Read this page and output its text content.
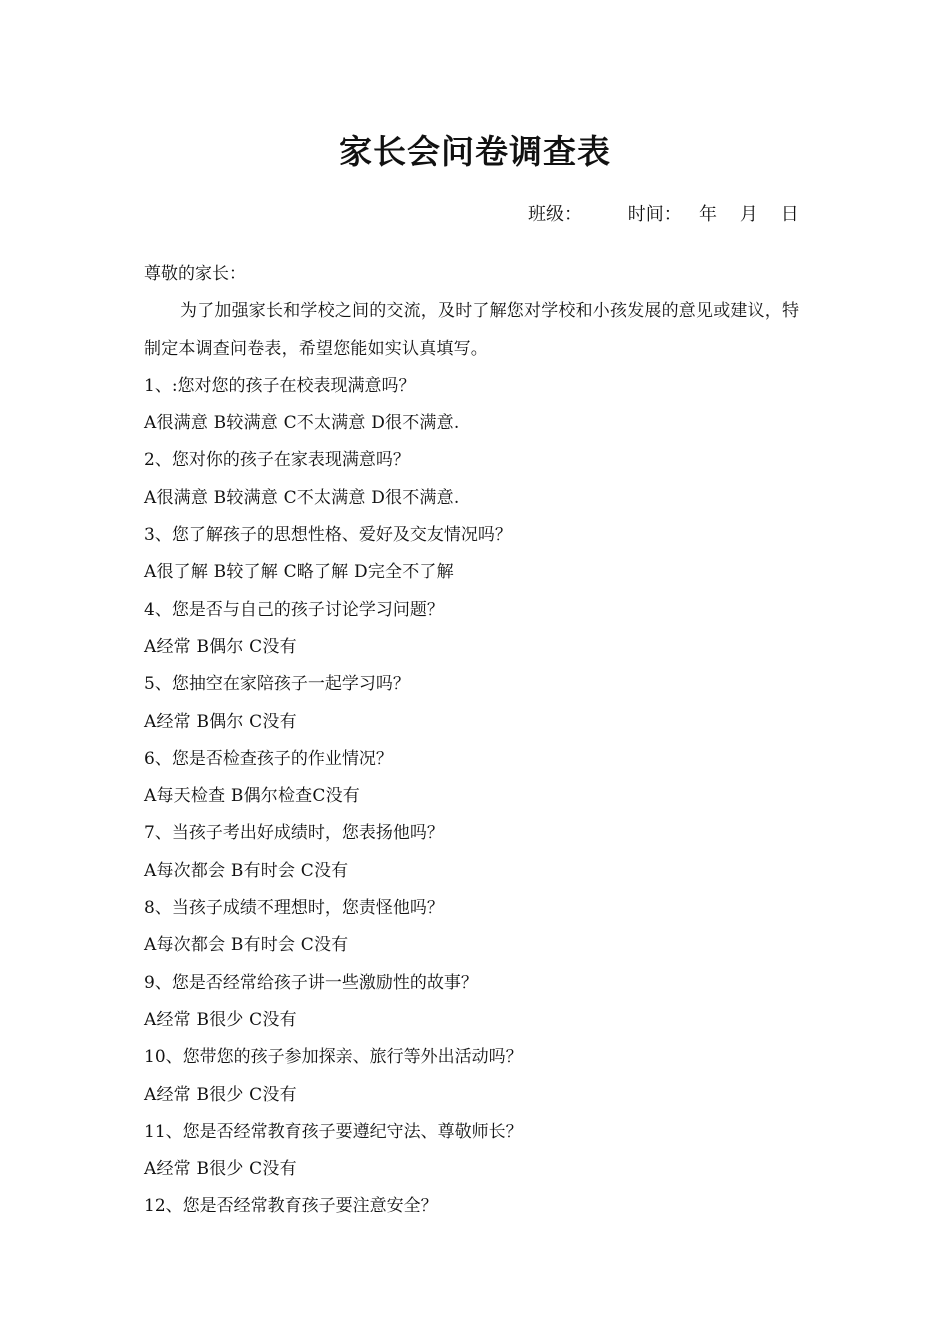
家长会问卷调查表
班级：	时间： 年 月 日

尊敬的家长：

为了加强家长和学校之间的交流，及时了解您对学校和小孩发展的意见或建议，特制定本调查问卷表，希望您能如实认真填写。

1、:您对您的孩子在校表现满意吗？

A很满意 B较满意 C不太满意 D很不满意.

2、您对你的孩子在家表现满意吗？

A很满意 B较满意 C不太满意 D很不满意.

3、您了解孩子的思想性格、爱好及交友情况吗？

A很了解 B较了解 C略了解 D完全不了解

4、您是否与自己的孩子讨论学习问题？

A经常 B偶尔 C没有

5、您抽空在家陪孩子一起学习吗？

A经常 B偶尔 C没有

6、您是否检查孩子的作业情况？

A每天检查 B偶尔检查C没有

7、当孩子考出好成绩时，您表扬他吗？

A每次都会 B有时会 C没有

8、当孩子成绩不理想时，您责怪他吗？

A每次都会 B有时会 C没有

9、您是否经常给孩子讲一些激励性的故事？

A经常 B很少 C没有

10、您带您的孩子参加探亲、旅行等外出活动吗？

A经常 B很少 C没有

11、您是否经常教育孩子要遵纪守法、尊敬师长？

A经常 B很少 C没有

12、您是否经常教育孩子要注意安全？
